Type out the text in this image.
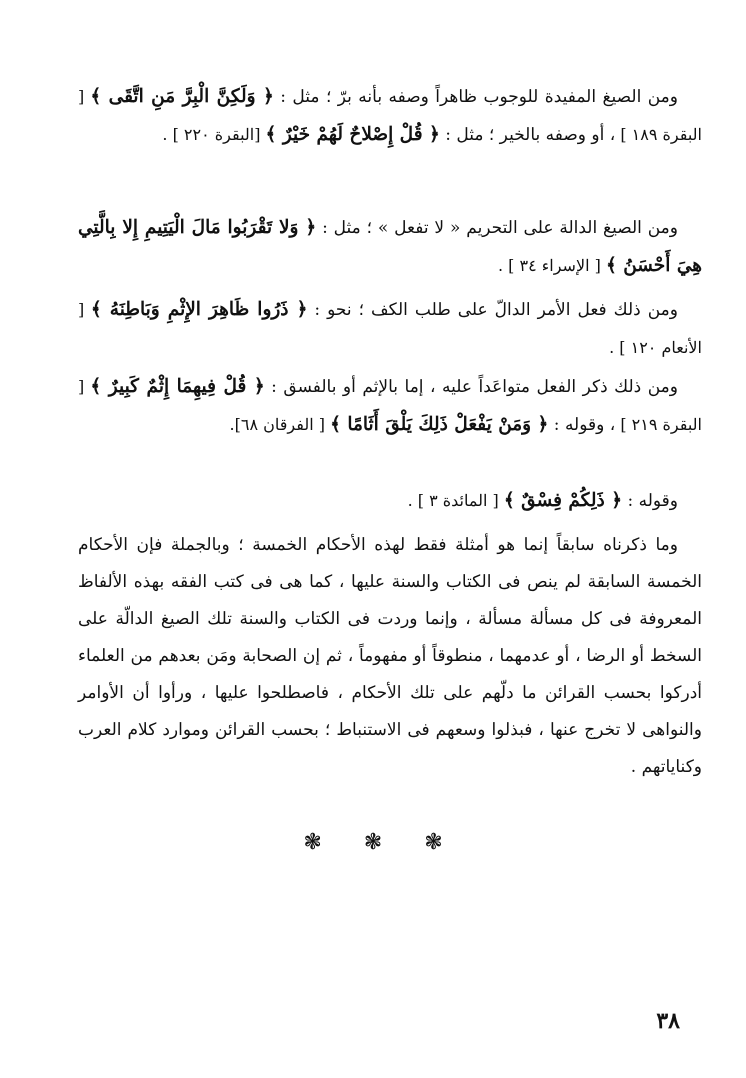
ومن الصيغ المفيدة للوجوب ظاهراً وصفه بأنه برّ ؛ مثل : ﴿ وَلَكِنَّ الْبِرَّ مَنِ اتَّقَى ﴾ [ البقرة ١٨٩ ] ، أو وصفه بالخير ؛ مثل : ﴿ قُلْ إِصْلاحٌ لَهُمْ خَيْرٌ ﴾ [البقرة ٢٢٠ ] .

ومن الصيغ الدالة على التحريم « لا تفعل » ؛ مثل : ﴿ وَلا تَقْرَبُوا مَالَ الْيَتِيمِ إِلا بِالَّتِي هِيَ أَحْسَنُ ﴾ [ الإسراء ٣٤ ] .

ومن ذلك فعل الأمر الدالّ على طلب الكف ؛ نحو : ﴿ ذَرُوا ظَاهِرَ الإِثْمِ وَبَاطِنَهُ ﴾ [ الأنعام ١٢٠ ] .

ومن ذلك ذكر الفعل متواعَداً عليه ، إما بالإثم أو بالفسق : ﴿ قُلْ فِيهِمَا إِثْمٌ كَبِيرٌ ﴾ [ البقرة ٢١٩ ] ، وقوله : ﴿ وَمَنْ يَفْعَلْ ذَلِكَ يَلْقَ أَثَامًا ﴾ [ الفرقان ٦٨].

وقوله : ﴿ ذَلِكُمْ فِسْقٌ ﴾ [ المائدة ٣ ] .

وما ذكرناه سابقاً إنما هو أمثلة فقط لهذه الأحكام الخمسة ؛ وبالجملة فإن الأحكام الخمسة السابقة لم ينص فى الكتاب والسنة عليها ، كما هى فى كتب الفقه بهذه الألفاظ المعروفة فى كل مسألة مسألة ، وإنما وردت فى الكتاب والسنة تلك الصيغ الدالّة على السخط أو الرضا ، أو عدمهما ، منطوقاً أو مفهوماً ، ثم إن الصحابة ومَن بعدهم من العلماء أدركوا بحسب القرائن ما دلّهم على تلك الأحكام ، فاصطلحوا عليها ، ورأوا أن الأوامر والنواهى لا تخرج عنها ، فبذلوا وسعهم فى الاستنباط ؛ بحسب القرائن وموارد كلام العرب وكناياتهم .

❃ ❃ ❃
٣٨
